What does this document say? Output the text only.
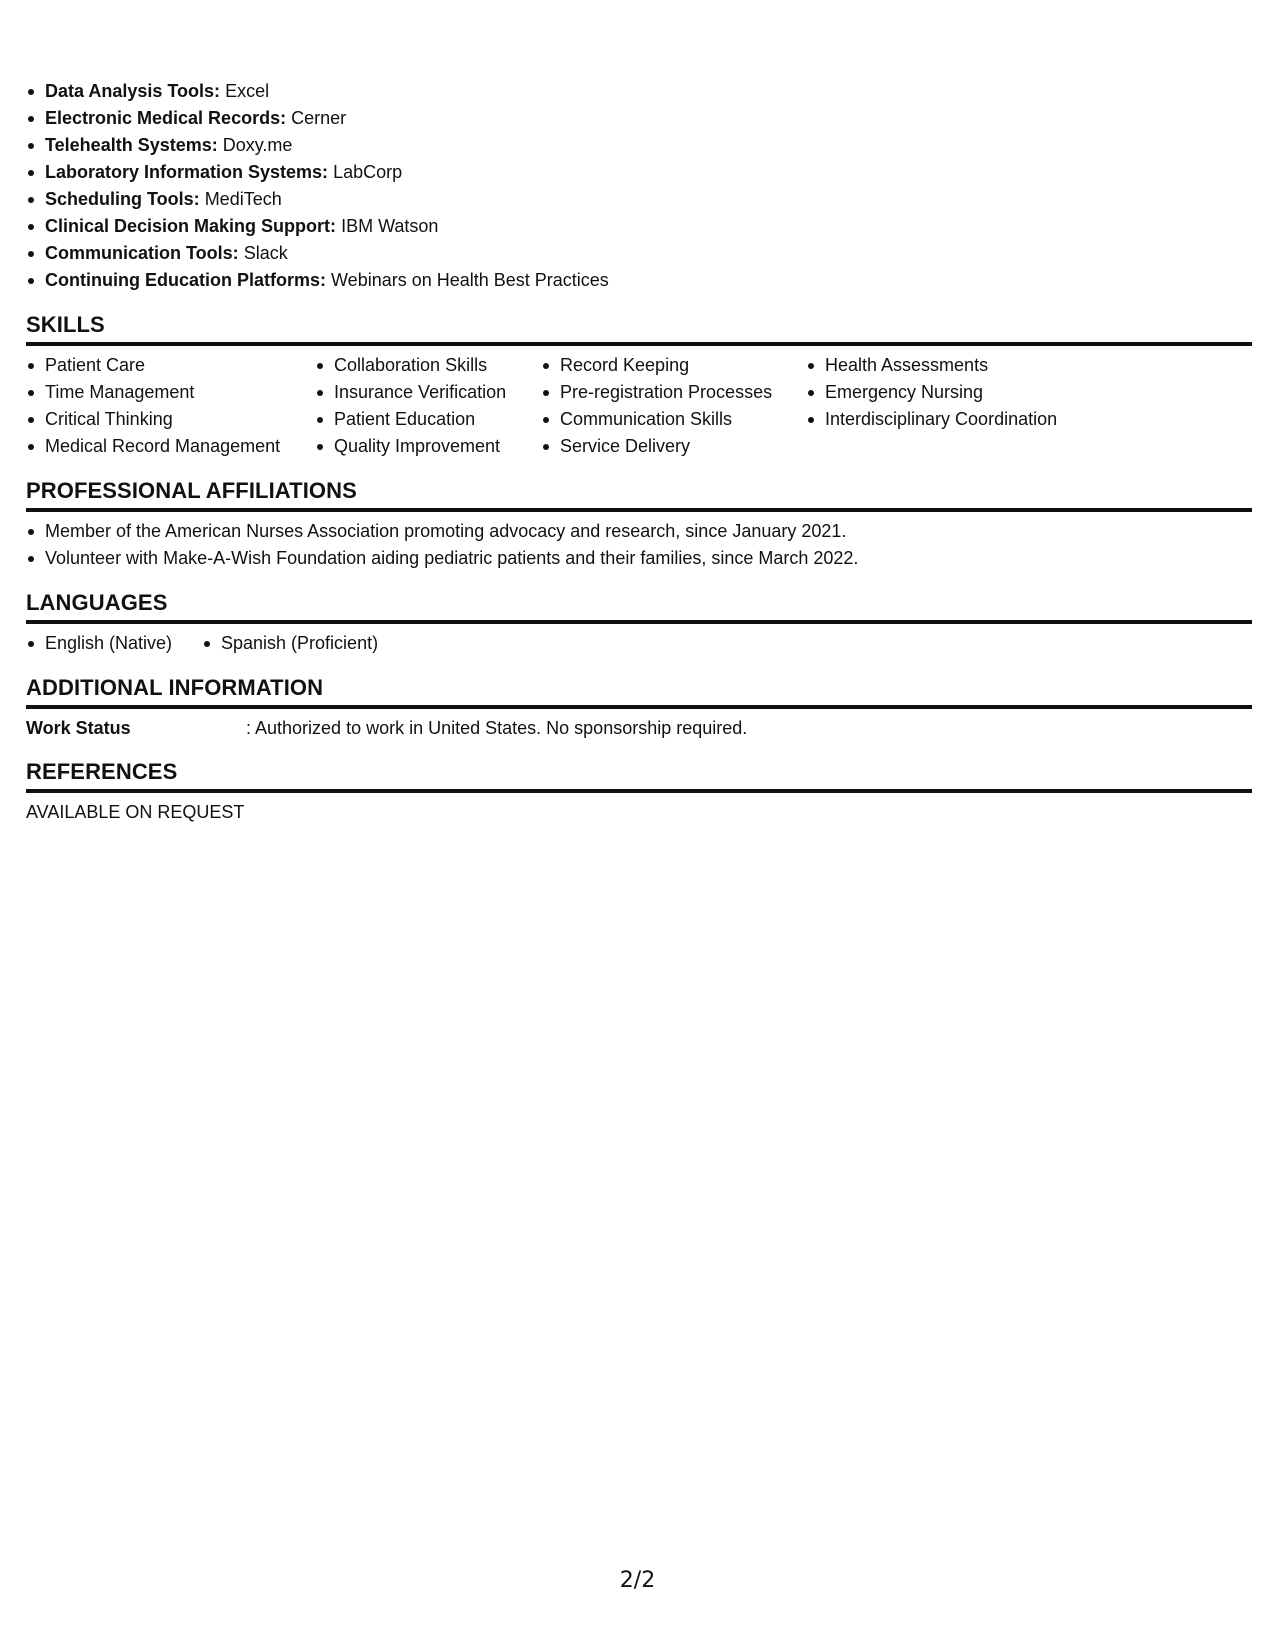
Data Analysis Tools: Excel
Electronic Medical Records: Cerner
Telehealth Systems: Doxy.me
Laboratory Information Systems: LabCorp
Scheduling Tools: MediTech
Clinical Decision Making Support: IBM Watson
Communication Tools: Slack
Continuing Education Platforms: Webinars on Health Best Practices
SKILLS
Patient Care
Time Management
Critical Thinking
Medical Record Management
Collaboration Skills
Insurance Verification
Patient Education
Quality Improvement
Record Keeping
Pre-registration Processes
Communication Skills
Service Delivery
Health Assessments
Emergency Nursing
Interdisciplinary Coordination
PROFESSIONAL AFFILIATIONS
Member of the American Nurses Association promoting advocacy and research, since January 2021.
Volunteer with Make-A-Wish Foundation aiding pediatric patients and their families, since March 2022.
LANGUAGES
English (Native)	Spanish (Proficient)
ADDITIONAL INFORMATION
Work Status	: Authorized to work in United States. No sponsorship required.
REFERENCES
AVAILABLE ON REQUEST
2/2
